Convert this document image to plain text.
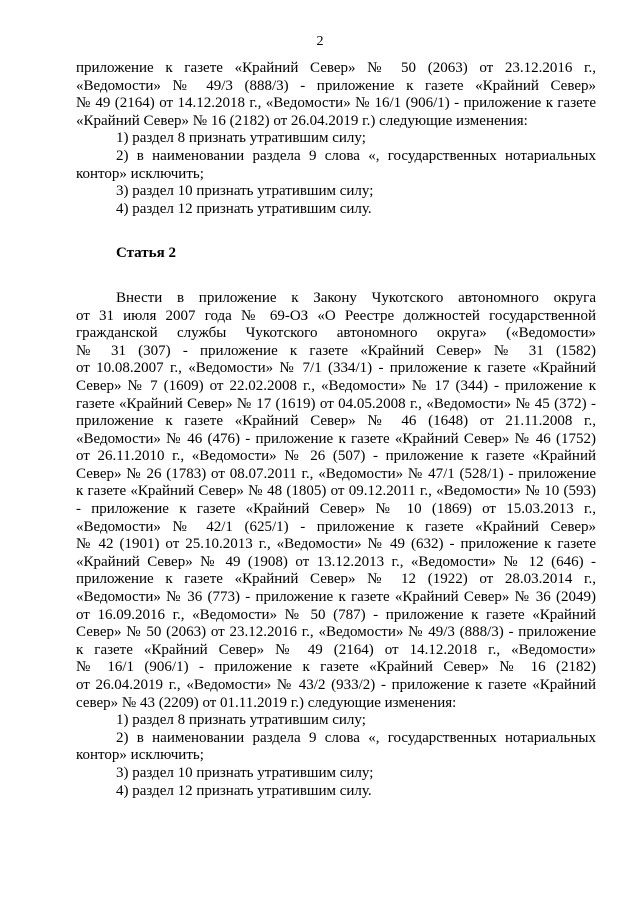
2
приложение к газете «Крайний Север» № 50 (2063) от 23.12.2016 г.,
«Ведомости» № 49/3 (888/3) - приложение к газете «Крайний Север»
№ 49 (2164) от 14.12.2018 г., «Ведомости» № 16/1 (906/1) - приложение к газете
«Крайний Север» № 16 (2182) от 26.04.2019 г.) следующие изменения:
1) раздел 8 признать утратившим силу;
2) в наименовании раздела 9 слова «, государственных нотариальных
контор» исключить;
3) раздел 10 признать утратившим силу;
4) раздел 12 признать утратившим силу.
Статья 2
Внести в приложение к Закону Чукотского автономного округа
от 31 июля 2007 года № 69-ОЗ «О Реестре должностей государственной
гражданской службы Чукотского автономного округа» («Ведомости»
№ 31 (307) - приложение к газете «Крайний Север» № 31 (1582)
от 10.08.2007 г., «Ведомости» № 7/1 (334/1) - приложение к газете «Крайний
Север» № 7 (1609) от 22.02.2008 г., «Ведомости» № 17 (344) - приложение к
газете «Крайний Север» № 17 (1619) от 04.05.2008 г., «Ведомости» № 45 (372) -
приложение к газете «Крайний Север» № 46 (1648) от 21.11.2008 г.,
«Ведомости» № 46 (476) - приложение к газете «Крайний Север» № 46 (1752)
от 26.11.2010 г., «Ведомости» № 26 (507) - приложение к газете «Крайний
Север» № 26 (1783) от 08.07.2011 г., «Ведомости» № 47/1 (528/1) - приложение
к газете «Крайний Север» № 48 (1805) от 09.12.2011 г., «Ведомости» № 10 (593)
- приложение к газете «Крайний Север» № 10 (1869) от 15.03.2013 г.,
«Ведомости» № 42/1 (625/1) - приложение к газете «Крайний Север»
№ 42 (1901) от 25.10.2013 г., «Ведомости» № 49 (632) - приложение к газете
«Крайний Север» № 49 (1908) от 13.12.2013 г., «Ведомости» № 12 (646) -
приложение к газете «Крайний Север» № 12 (1922) от 28.03.2014 г.,
«Ведомости» № 36 (773) - приложение к газете «Крайний Север» № 36 (2049)
от 16.09.2016 г., «Ведомости» № 50 (787) - приложение к газете «Крайний
Север» № 50 (2063) от 23.12.2016 г., «Ведомости» № 49/3 (888/3) - приложение
к газете «Крайний Север» № 49 (2164) от 14.12.2018 г., «Ведомости»
№ 16/1 (906/1) - приложение к газете «Крайний Север» № 16 (2182)
от 26.04.2019 г., «Ведомости» № 43/2 (933/2) - приложение к газете «Крайний
север» № 43 (2209) от 01.11.2019 г.) следующие изменения:
1) раздел 8 признать утратившим силу;
2) в наименовании раздела 9 слова «, государственных нотариальных
контор» исключить;
3) раздел 10 признать утратившим силу;
4) раздел 12 признать утратившим силу.
